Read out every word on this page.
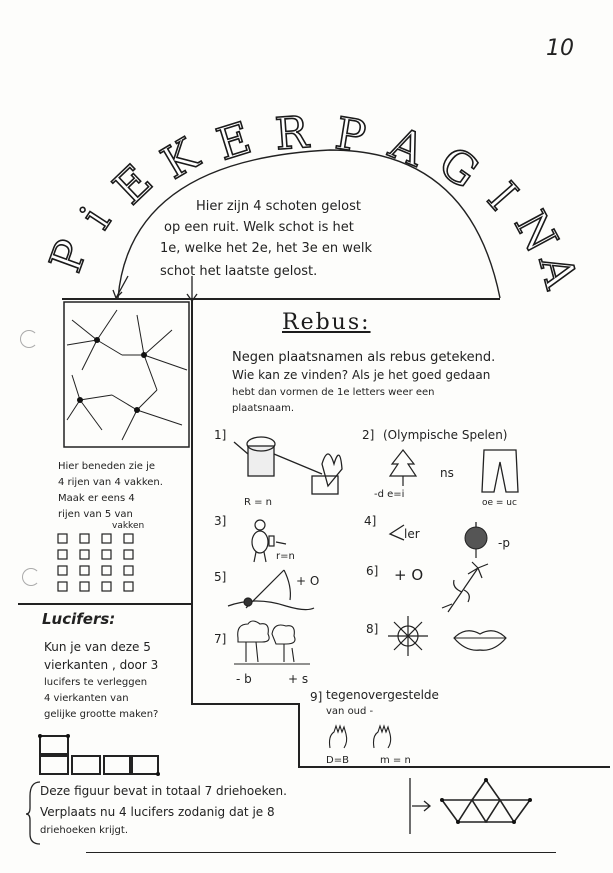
10
P
i
E
K E R P A
G
I
N
A
Hier zijn 4 schoten gelost
op een ruit. Welk schot is het
1e, welke het 2e, het 3e en welk
schot het laatste gelost.
Hier beneden zie je
4 rijen van 4 vakken.
Maak er eens 4
rijen van 5 van
vakken
Lucifers:
Kun je van deze 5
vierkanten , door 3
lucifers te verleggen
4 vierkanten van
gelijke grootte maken?
Rebus:
Negen plaatsnamen als rebus getekend.
Wie kan ze vinden? Als je het goed gedaan
hebt dan vormen de 1e letters weer een
plaatsnaam.
1]
R = n
2] (Olympische Spelen)
ns
-d e=i
oe = uc
3]
r=n
4]
ler
-p
5]	+ O
6] + O
7]
- b	+ s
8]
9] tegenovergestelde
van oud -
D=B	m = n
Deze figuur bevat in totaal 7 driehoeken.
Verplaats nu 4 lucifers zodanig dat je 8
driehoeken krijgt.
